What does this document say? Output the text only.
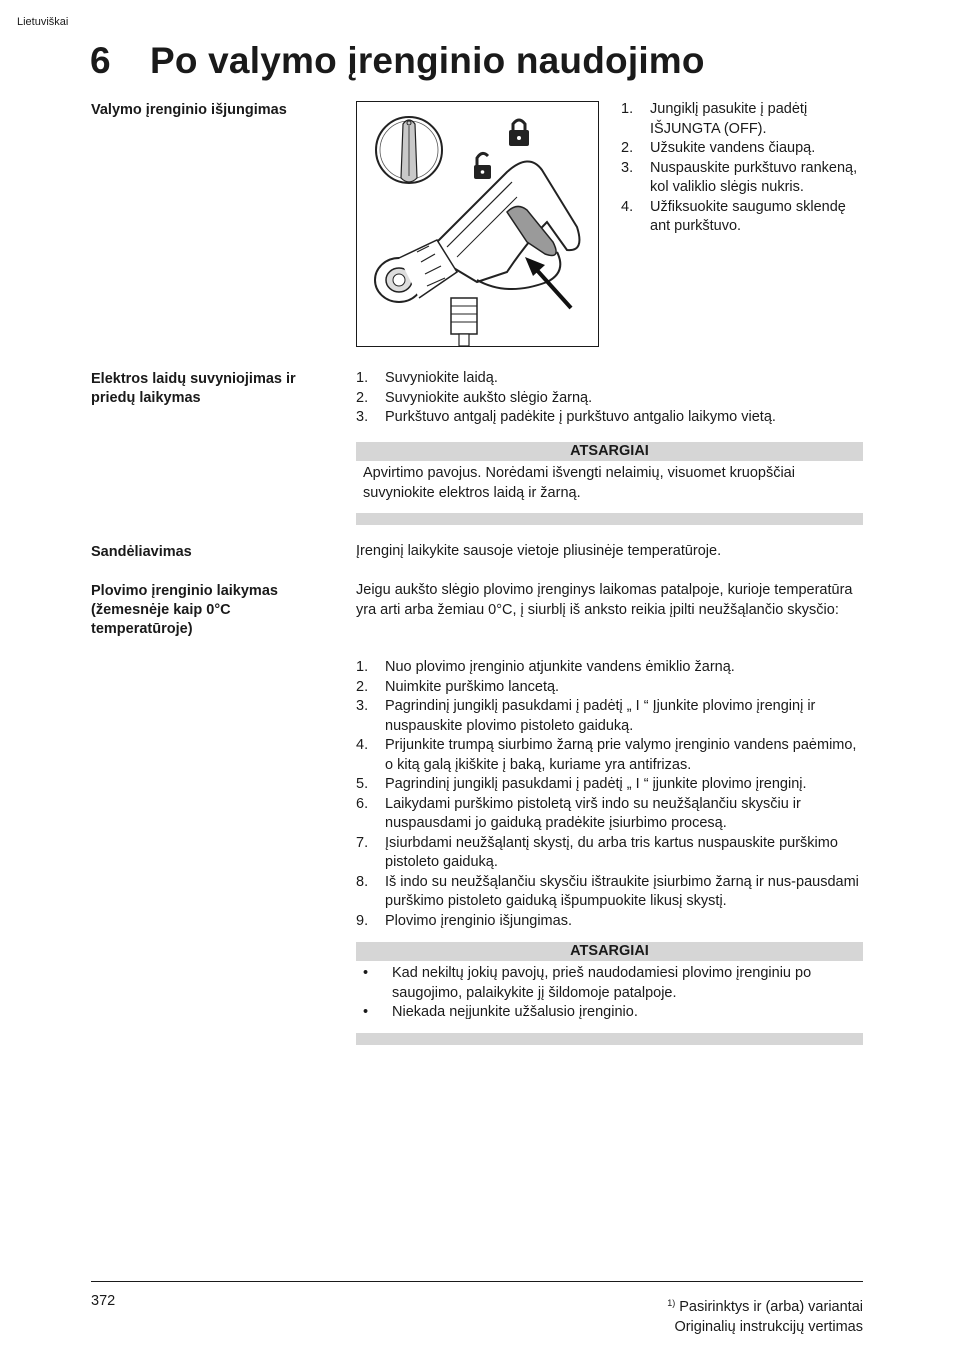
Lietuviškai
6 Po valymo įrenginio naudojimo
Valymo įrenginio išjungimas	1. Jungiklį pasukite į padėtį IŠJUNGTA (OFF).
2. Užsukite vandens čiaupą.
3. Nuspauskite purkštuvo rankeną, kol valiklio slėgis nukris.
4. Užfiksuokite saugumo sklendę ant purkštuvo.
Elektros laidų suvyniojimas ir priedų laikymas
1. Suvyniokite laidą.
2. Suvyniokite aukšto slėgio žarną.
3. Purkštuvo antgalį padėkite į purkštuvo antgalio laikymo vietą.
ATSARGIAI
Apvirtimo pavojus. Norėdami išvengti nelaimių, visuomet kruopščiai suvyniokite elektros laidą ir žarną.
Sandėliavimas	Įrenginį laikykite sausoje vietoje pliusinėje temperatūroje.
Plovimo įrenginio laikymas (žemesnėje kaip 0°C temperatūroje)
Jeigu aukšto slėgio plovimo įrenginys laikomas patalpoje, kurioje temperatūra yra arti arba žemiau 0°C, į siurblį iš anksto reikia įpilti neužšąlančio skysčio:
1. Nuo plovimo įrenginio atjunkite vandens ėmiklio žarną.
2. Nuimkite purškimo lancetą.
3. Pagrindinį jungiklį pasukdami į padėtį „ I “ Įjunkite plovimo įrenginį ir nuspauskite plovimo pistoleto gaiduką.
4. Prijunkite trumpą siurbimo žarną prie valymo įrenginio vandens paėmimo, o kitą galą įkiškite į baką, kuriame yra antifrizas.
5. Pagrindinį jungiklį pasukdami į padėtį „ I “ įjunkite plovimo įrenginį.
6. Laikydami purškimo pistoletą virš indo su neužšąlančiu skysčiu ir nuspausdami jo gaiduką pradėkite įsiurbimo procesą.
7. Įsiurbdami neužšąlantį skystį, du arba tris kartus nuspauskite purškimo pistoleto gaiduką.
8. Iš indo su neužšąlančiu skysčiu ištraukite įsiurbimo žarną ir nus-pausdami purškimo pistoleto gaiduką išpumpuokite likusį skystį.
9. Plovimo įrenginio išjungimas.
ATSARGIAI
• Kad nekiltų jokių pavojų, prieš naudodamiesi plovimo įrenginiu po saugojimo, palaikykite jį šildomoje patalpoje.
• Niekada neįjunkite užšalusio įrenginio.
372	$^{1)}$ Pasirinktys ir (arba) variantai
Originalių instrukcijų vertimas
